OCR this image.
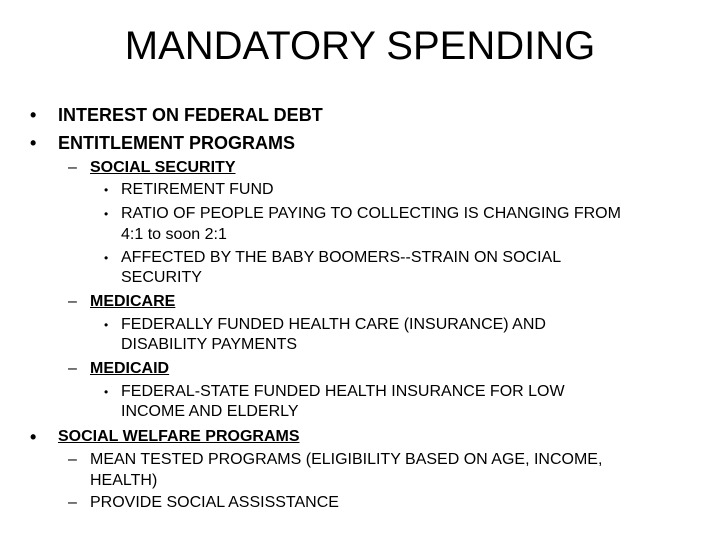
MANDATORY SPENDING
• INTEREST ON FEDERAL DEBT
• ENTITLEMENT PROGRAMS
– SOCIAL SECURITY
• RETIREMENT FUND
• RATIO OF PEOPLE PAYING TO COLLECTING IS CHANGING FROM
4:1 to soon 2:1
• AFFECTED BY THE BABY BOOMERS--STRAIN ON SOCIAL
SECURITY
– MEDICARE
• FEDERALLY FUNDED HEALTH CARE (INSURANCE) AND
DISABILITY PAYMENTS
– MEDICAID
• FEDERAL-STATE FUNDED HEALTH INSURANCE FOR LOW
INCOME AND ELDERLY
• SOCIAL WELFARE PROGRAMS
– MEAN TESTED PROGRAMS (ELIGIBILITY BASED ON AGE, INCOME,
HEALTH)
– PROVIDE SOCIAL ASSISSTANCE
